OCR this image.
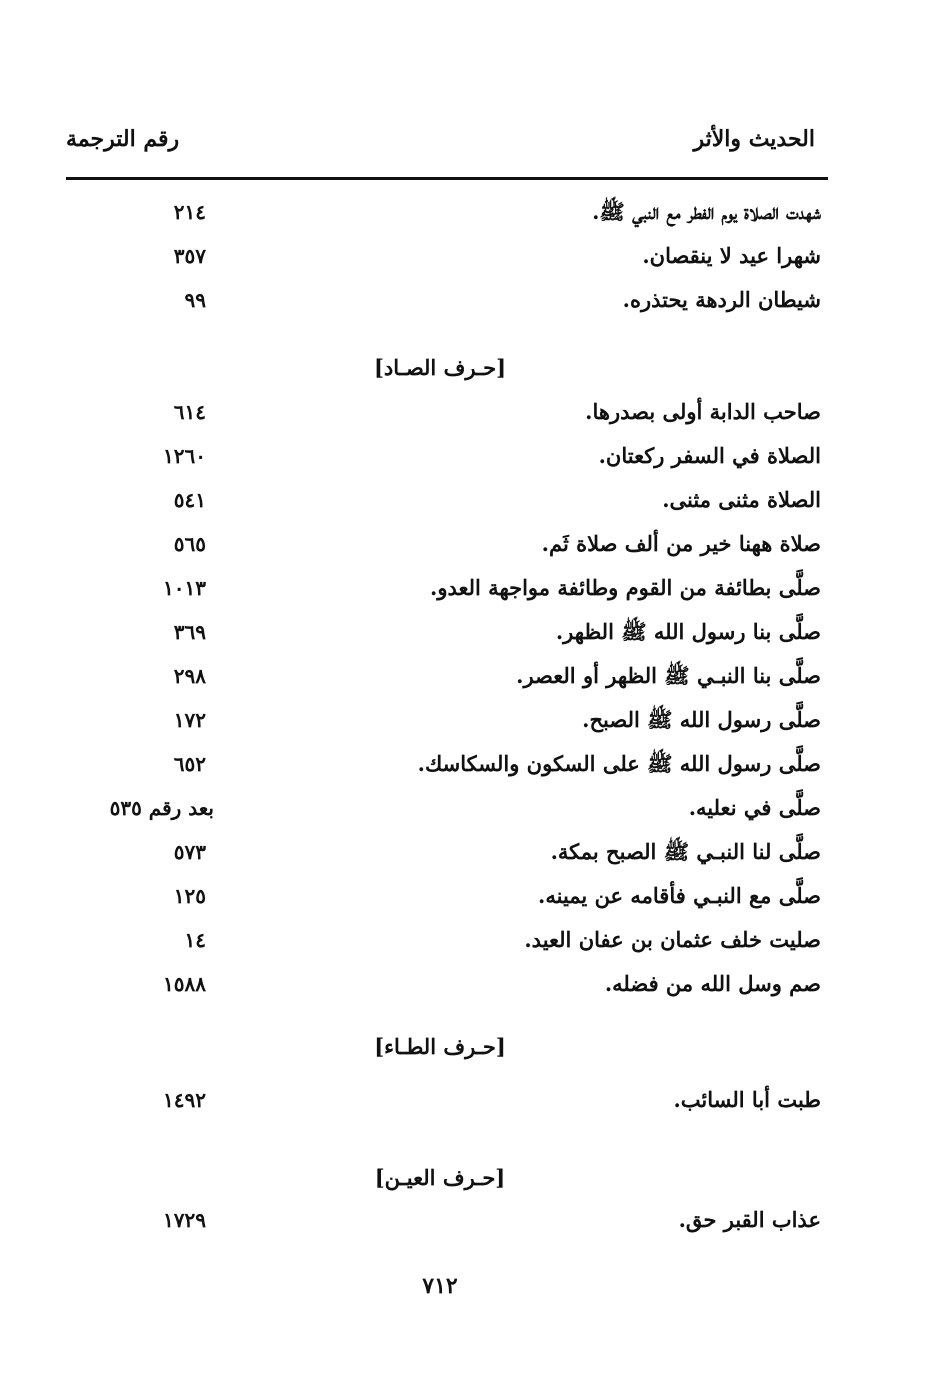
الحديث والأثر
رقم الترجمة
شهدت الصلاة يوم الفطر مع النبي ﷺ.
٢١٤
شهرا عيد لا ينقصان.
٣٥٧
شيطان الردهة يحتذره.
٩٩
[حـرف الصـاد]
صاحب الدابة أولى بصدرها.
٦١٤
الصلاة في السفر ركعتان.
١٢٦٠
الصلاة مثنى مثنى.
٥٤١
صلاة ههنا خير من ألف صلاة ثَم.
٥٦٥
صلَّى بطائفة من القوم وطائفة مواجهة العدو.
١٠١٣
صلَّى بنا رسول الله ﷺ الظهر.
٣٦٩
صلَّى بنا النبـي ﷺ الظهر أو العصر.
٢٩٨
صلَّى رسول الله ﷺ الصبح.
١٧٢
صلَّى رسول الله ﷺ على السكون والسكاسك.
٦٥٢
صلَّى في نعليه.
بعد رقم ٥٣٥
صلَّى لنا النبـي ﷺ الصبح بمكة.
٥٧٣
صلَّى مع النبـي فأقامه عن يمينه.
١٢٥
صليت خلف عثمان بن عفان العيد.
١٤
صم وسل الله من فضله.
١٥٨٨
[حـرف الطـاء]
طبت أبا السائب.
١٤٩٢
[حـرف العيـن]
عذاب القبر حق.
١٧٢٩
٧١٢
